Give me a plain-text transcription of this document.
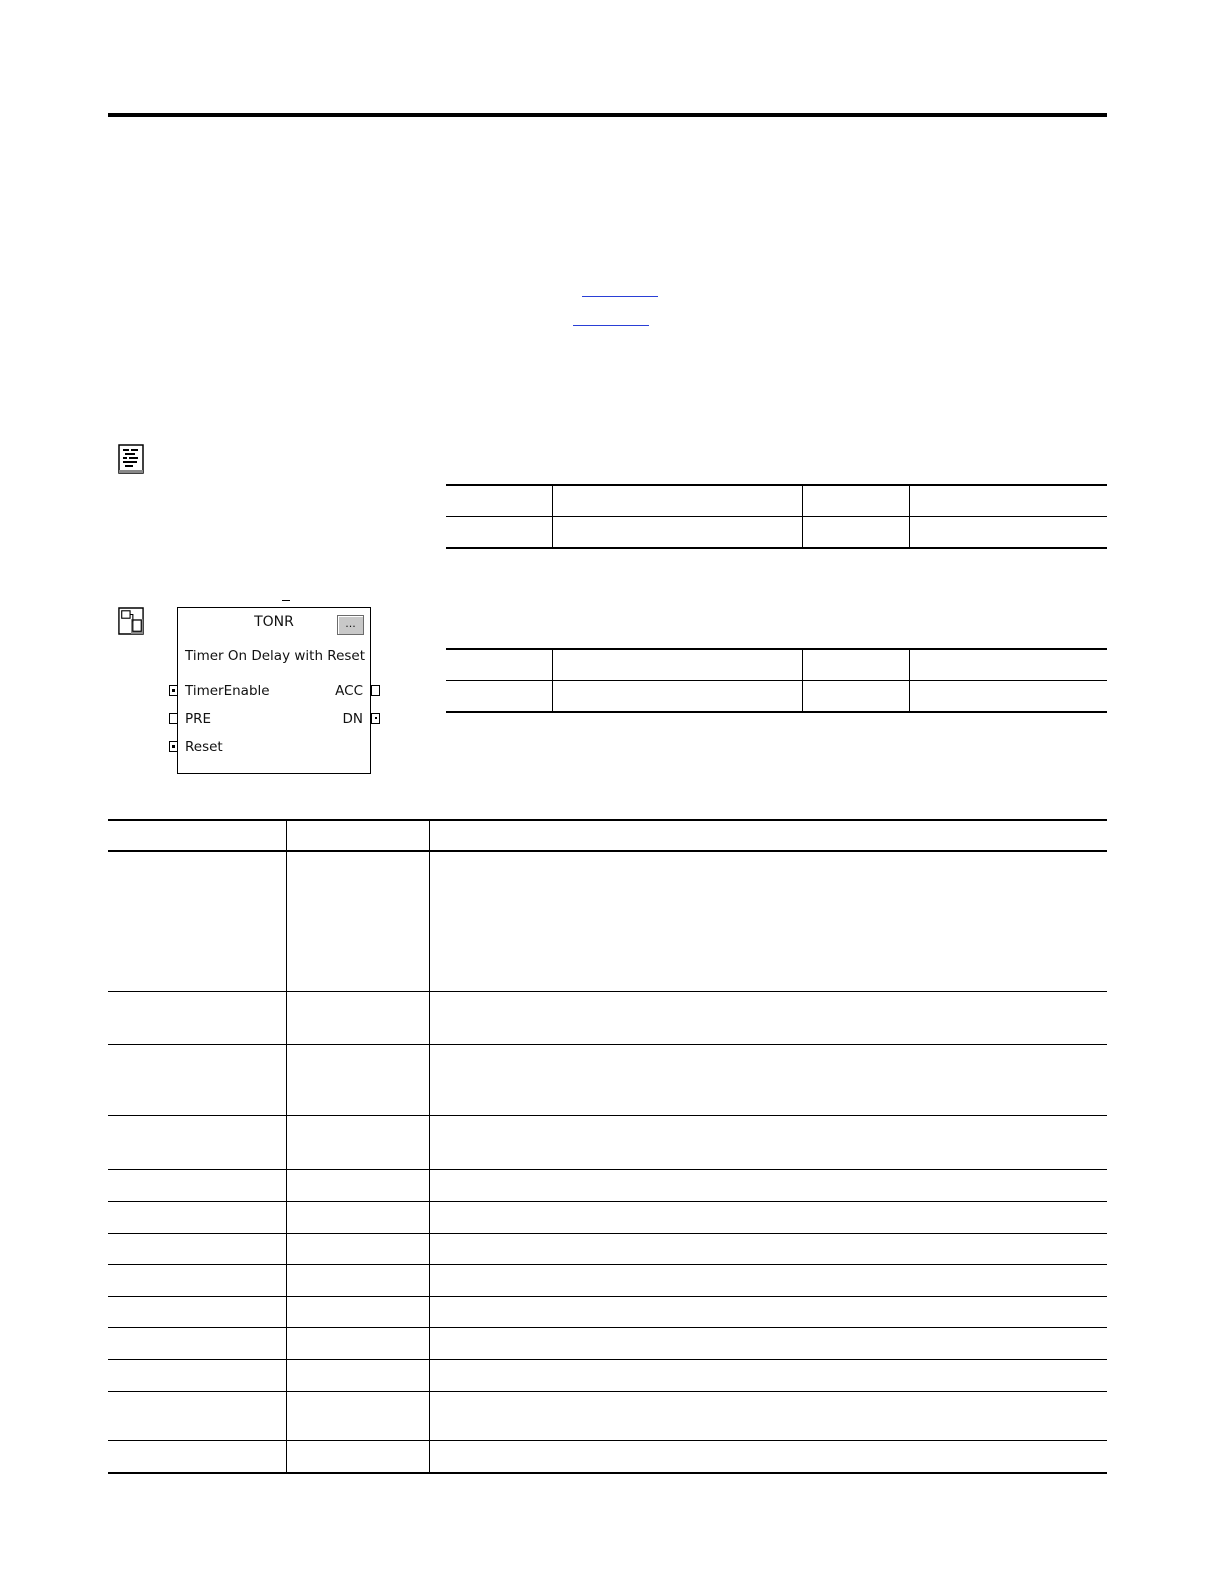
TONR	...
Timer On Delay with Reset
TimerEnable
PRE
Reset
ACC
DN
